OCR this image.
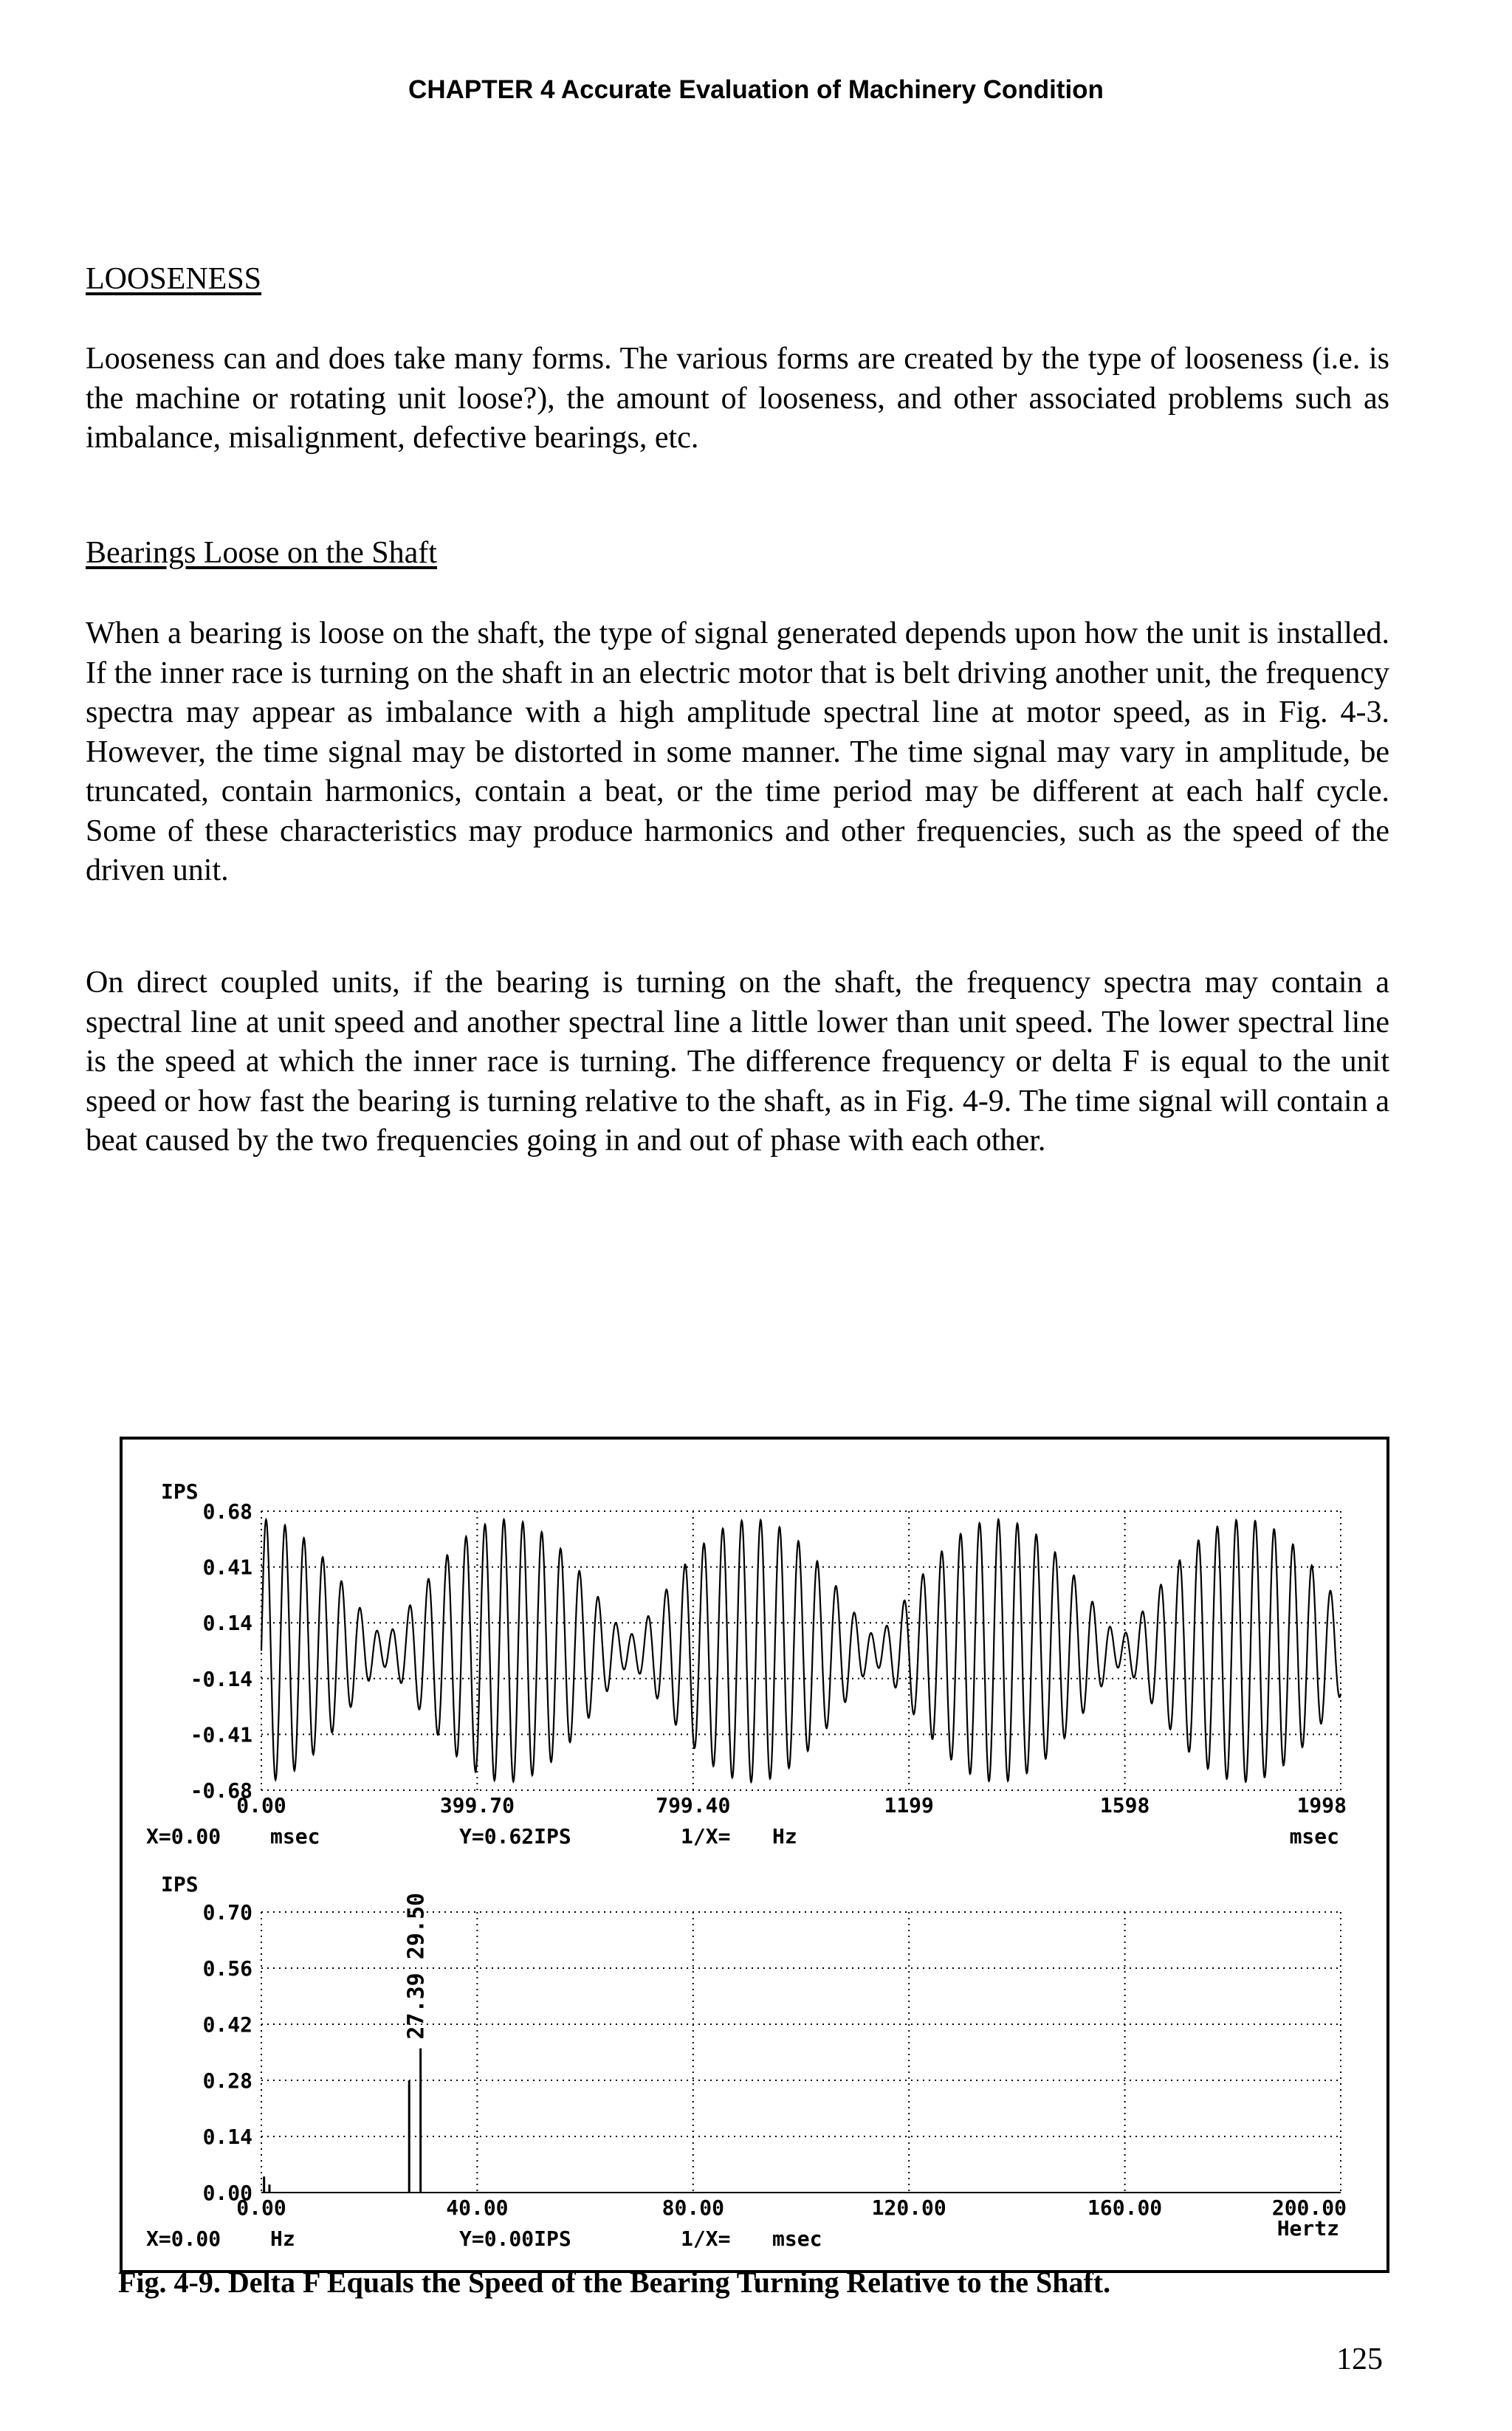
CHAPTER 4 Accurate Evaluation of Machinery Condition
LOOSENESS
Looseness can and does take many forms. The various forms are created by the type of looseness (i.e. is the machine or rotating unit loose?), the amount of looseness, and other associated problems such as imbalance, misalignment, defective bearings, etc.
Bearings Loose on the Shaft
When a bearing is loose on the shaft, the type of signal generated depends upon how the unit is installed. If the inner race is turning on the shaft in an electric motor that is belt driving another unit, the frequency spectra may appear as imbalance with a high amplitude spectral line at motor speed, as in Fig. 4-3. However, the time signal may be distorted in some manner. The time signal may vary in amplitude, be truncated, contain harmonics, contain a beat, or the time period may be different at each half cycle. Some of these characteristics may produce harmonics and other frequencies, such as the speed of the driven unit.
On direct coupled units, if the bearing is turning on the shaft, the frequency spectra may contain a spectral line at unit speed and another spectral line a little lower than unit speed. The lower spectral line is the speed at which the inner race is turning. The difference frequency or delta F is equal to the unit speed or how fast the bearing is turning relative to the shaft, as in Fig. 4-9. The time signal will contain a beat caused by the two frequencies going in and out of phase with each other.
IPS
0.68
0.41
0.14
-0.14
-0.41
-0.68
0.00	399.70	799.40	1199	1598	1998
X=0.00 msec	Y=0.62IPS	1/X= Hz	msec
IPS
0.70
0.56
0.42
0.28
0.14
0.00
0.00	40.00	80.00	120.00	160.00	200.00
27.39 29.50
X=0.00 Hz	Y=0.00IPS	1/X= msec	Hertz
Fig. 4-9. Delta F Equals the Speed of the Bearing Turning Relative to the Shaft.
125
